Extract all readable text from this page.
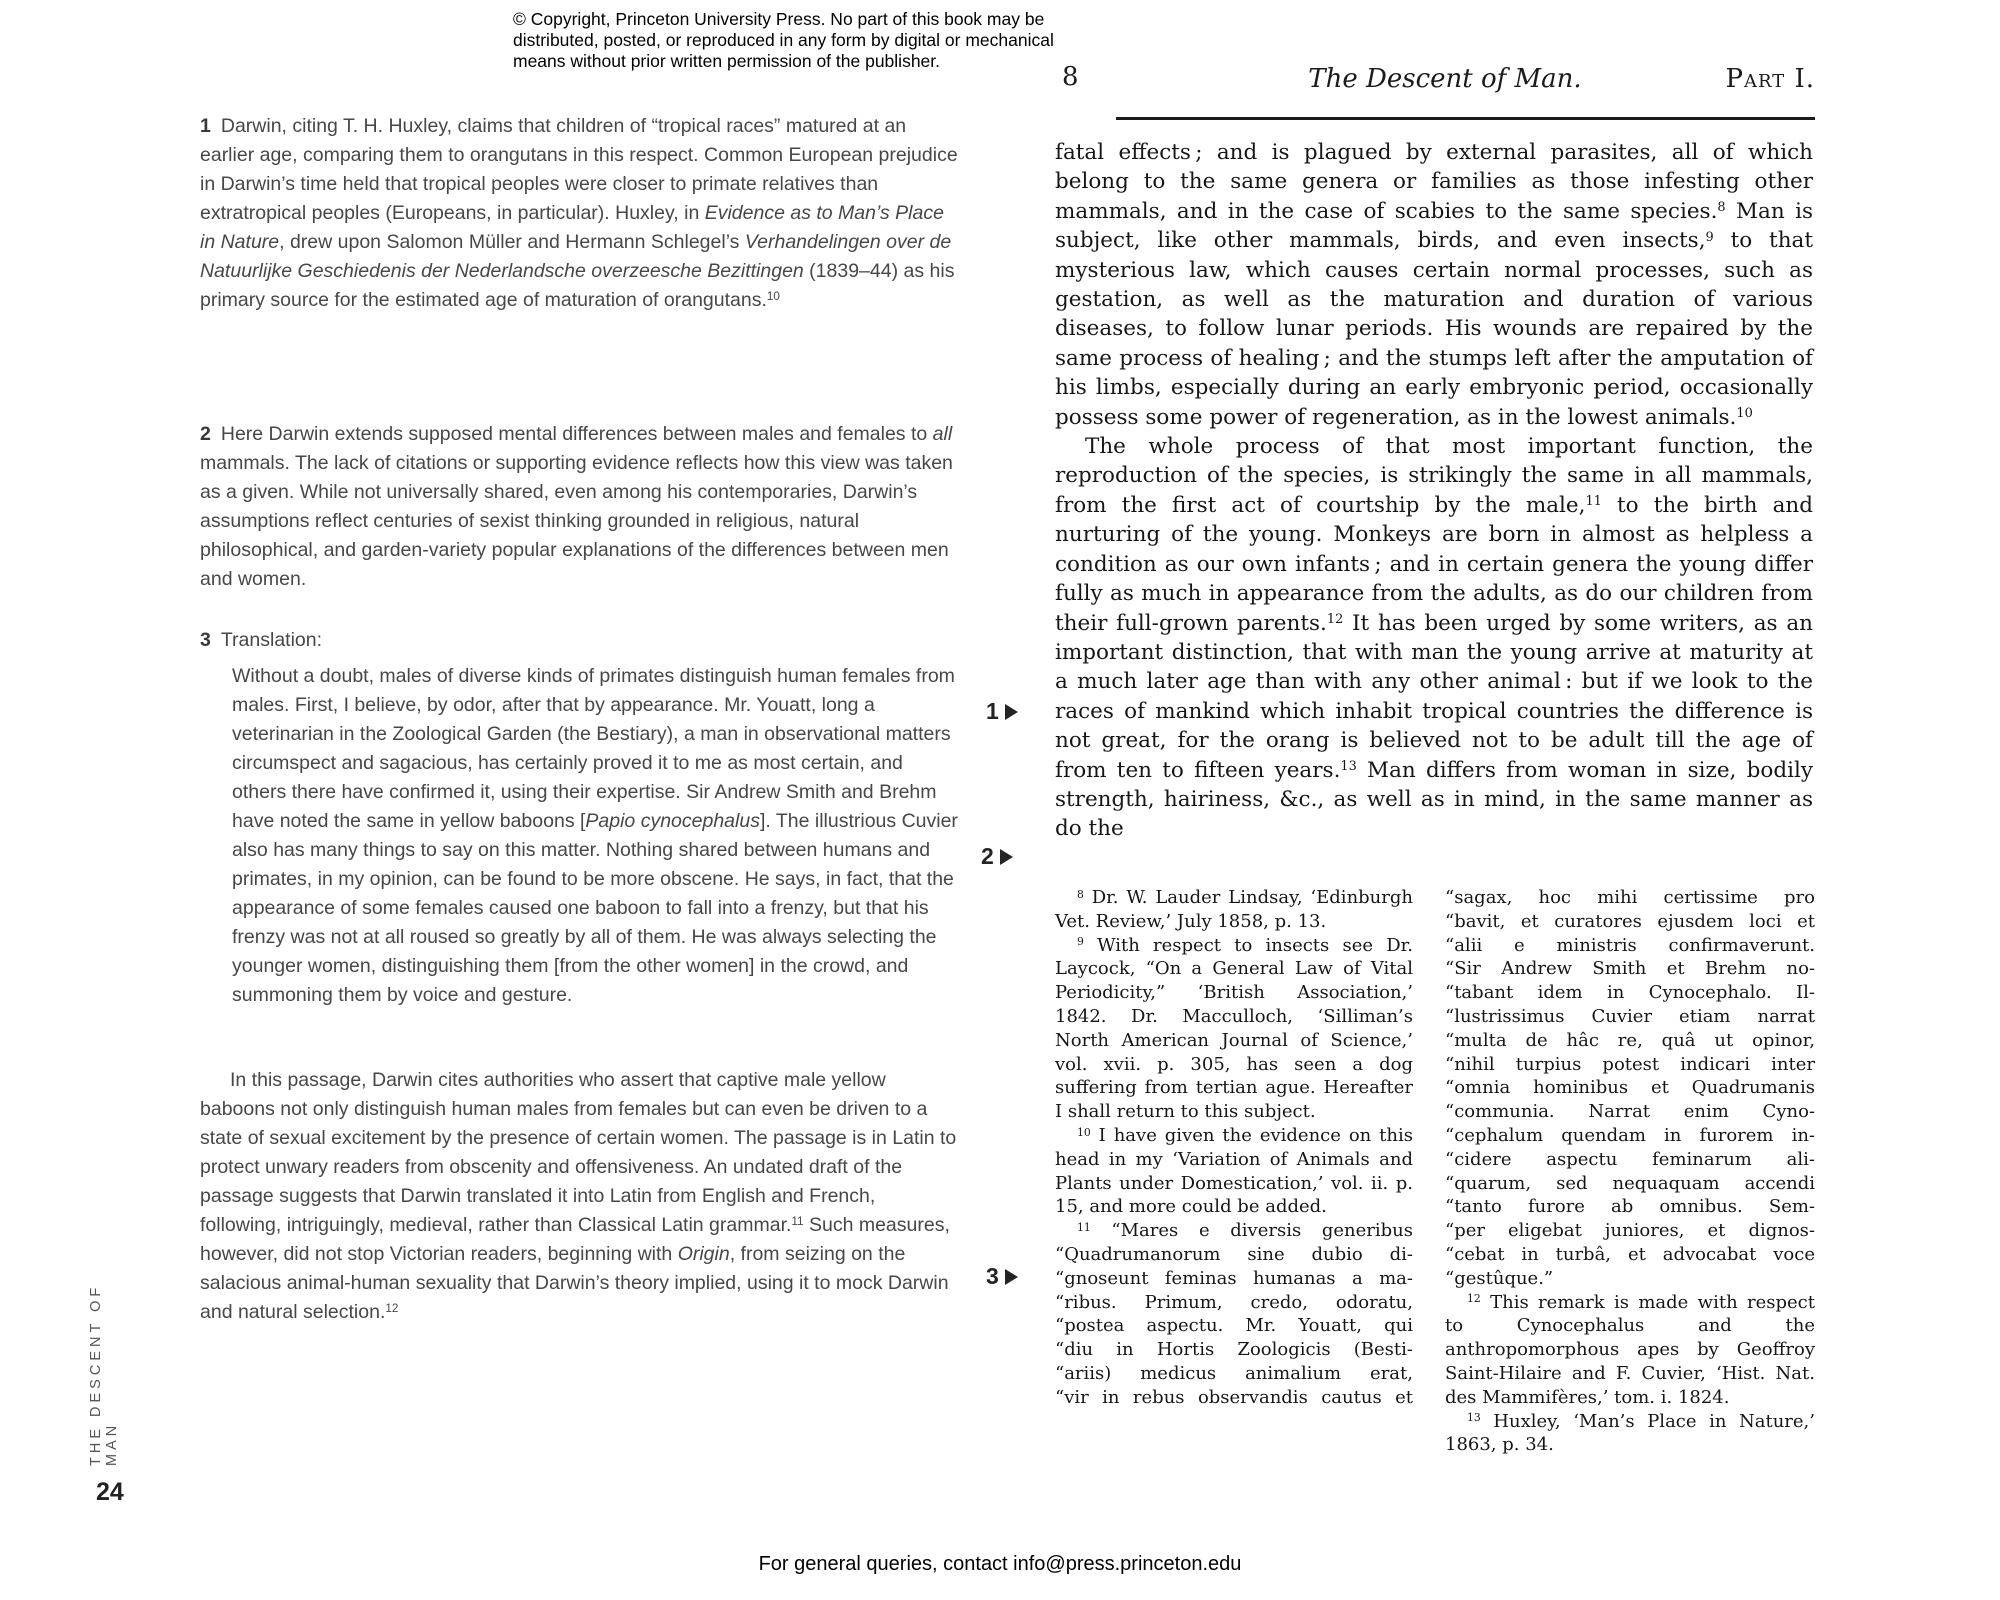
© Copyright, Princeton University Press. No part of this book may be
distributed, posted, or reproduced in any form by digital or mechanical
means without prior written permission of the publisher.
8	The Descent of Man.	Part I.
1 Darwin, citing T. H. Huxley, claims that children of “tropical races” matured at an earlier age, comparing them to orangutans in this respect. Common European prejudice in Darwin’s time held that tropical peoples were closer to primate relatives than extratropical peoples (Europeans, in particular). Huxley, in Evidence as to Man’s Place in Nature, drew upon Salomon Müller and Hermann Schlegel’s Verhandelingen over de Natuurlijke Geschiedenis der Nederlandsche overzeesche Bezittingen (1839–44) as his primary source for the estimated age of maturation of orangutans.$^{10}$
2 Here Darwin extends supposed mental differences between males and females to all mammals. The lack of citations or supporting evidence reflects how this view was taken as a given. While not universally shared, even among his contemporaries, Darwin’s assumptions reflect centuries of sexist thinking grounded in religious, natural philosophical, and garden-variety popular explanations of the differences between men and women.
3 Translation:
Without a doubt, males of diverse kinds of primates distinguish human females from males. First, I believe, by odor, after that by appearance. Mr. Youatt, long a veterinarian in the Zoological Garden (the Bestiary), a man in observational matters circumspect and sagacious, has certainly proved it to me as most certain, and others there have confirmed it, using their expertise. Sir Andrew Smith and Brehm have noted the same in yellow baboons [Papio cynocephalus]. The illustrious Cuvier also has many things to say on this matter. Nothing shared between humans and primates, in my opinion, can be found to be more obscene. He says, in fact, that the appearance of some females caused one baboon to fall into a frenzy, but that his frenzy was not at all roused so greatly by all of them. He was always selecting the younger women, distinguishing them [from the other women] in the crowd, and summoning them by voice and gesture.
In this passage, Darwin cites authorities who assert that captive male yellow baboons not only distinguish human males from females but can even be driven to a state of sexual excitement by the presence of certain women. The passage is in Latin to protect unwary readers from obscenity and offensiveness. An undated draft of the passage suggests that Darwin translated it into Latin from English and French, following, intriguingly, medieval, rather than Classical Latin grammar.$^{11}$ Such measures, however, did not stop Victorian readers, beginning with Origin, from seizing on the salacious animal-human sexuality that Darwin’s theory implied, using it to mock Darwin and natural selection.$^{12}$

fatal effects ; and is plagued by external parasites, all of which belong to the same genera or families as those infesting other mammals, and in the case of scabies to the same species.$^8$ Man is subject, like other mammals, birds, and even insects,$^9$ to that mysterious law, which causes certain normal processes, such as gestation, as well as the maturation and duration of various diseases, to follow lunar periods. His wounds are repaired by the same process of healing ; and the stumps left after the amputation of his limbs, especially during an early embryonic period, occasionally possess some power of regeneration, as in the lowest animals.$^{10}$

The whole process of that most important function, the reproduction of the species, is strikingly the same in all mammals, from the first act of courtship by the male,$^{11}$ to the birth and nurturing of the young. Monkeys are born in almost as helpless a condition as our own infants ; and in certain genera the young differ fully as much in appearance from the adults, as do our children from their full-grown parents.$^{12}$ It has been urged by some writers, as an important distinction, that with man the young arrive at maturity at a much later age than with any other animal : but if we look to the races of mankind which inhabit tropical countries the difference is not great, for the orang is believed not to be adult till the age of from ten to fifteen years.$^{13}$ Man differs from woman in size, bodily strength, hairiness, &c., as well as in mind, in the same manner as do the

1
2
3
$^8$ Dr. W. Lauder Lindsay, ‘Edinburgh Vet. Review,’ July 1858, p. 13.
$^9$ With respect to insects see Dr. Laycock, “On a General Law of Vital Periodicity,” ‘British Association,’ 1842. Dr. Macculloch, ‘Silliman’s North American Journal of Science,’ vol. xvii. p. 305, has seen a dog suffering from tertian ague. Hereafter I shall return to this subject.
$^{10}$ I have given the evidence on this head in my ‘Variation of Animals and Plants under Domestication,’ vol. ii. p. 15, and more could be added.
$^{11}$ “Mares e diversis generibus
“Quadrumanorum sine dubio di-
“gnoseunt feminas humanas a ma-
“ribus. Primum, credo, odoratu,
“postea aspectu. Mr. Youatt, qui
“diu in Hortis Zoologicis (Besti-
“ariis) medicus animalium erat,
“vir in rebus observandis cautus et
“sagax, hoc mihi certissime pro
“bavit, et curatores ejusdem loci et
“alii e ministris confirmaverunt.
“Sir Andrew Smith et Brehm no-
“tabant idem in Cynocephalo. Il-
“lustrissimus Cuvier etiam narrat
“multa de hâc re, quâ ut opinor,
“nihil turpius potest indicari inter
“omnia hominibus et Quadrumanis
“communia. Narrat enim Cyno-
“cephalum quendam in furorem in-
“cidere aspectu feminarum ali-
“quarum, sed nequaquam accendi
“tanto furore ab omnibus. Sem-
“per eligebat juniores, et dignos-
“cebat in turbâ, et advocabat voce
“gestûque.”
$^{12}$ This remark is made with respect to Cynocephalus and the anthropomorphous apes by Geoffroy Saint-Hilaire and F. Cuvier, ‘Hist. Nat. des Mammifères,’ tom. i. 1824.
$^{13}$ Huxley, ‘Man’s Place in Nature,’ 1863, p. 34.
THE DESCENT OF MAN
24
For general queries, contact info@press.princeton.edu
